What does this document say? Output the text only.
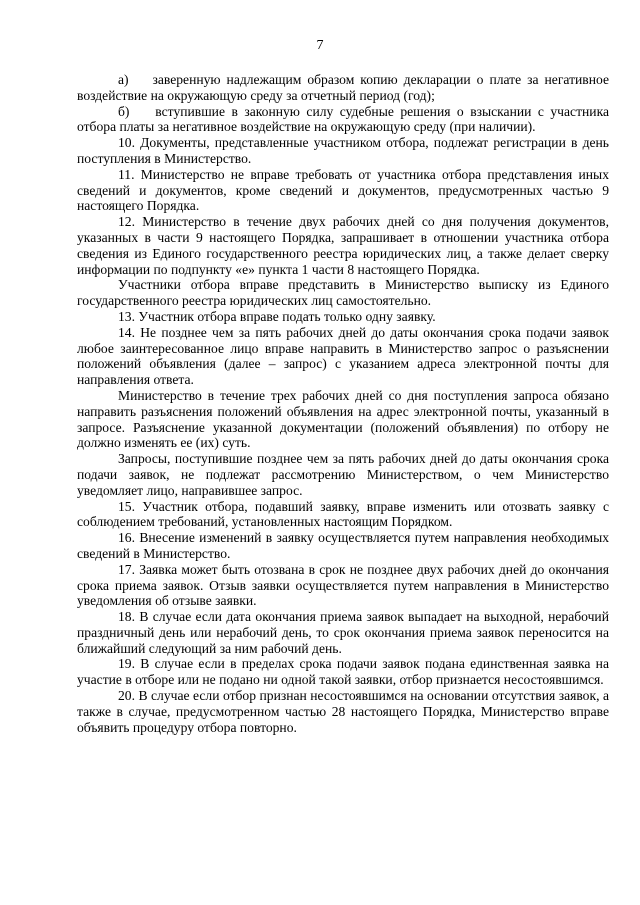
7

а)    заверенную надлежащим образом копию декларации о плате за негативное воздействие на окружающую среду за отчетный период (год);

б)    вступившие в законную силу судебные решения о взыскании с участника отбора платы за негативное воздействие на окружающую среду (при наличии).

10. Документы, представленные участником отбора, подлежат регистрации в день поступления в Министерство.

11. Министерство не вправе требовать от участника отбора представления иных сведений и документов, кроме сведений и документов, предусмотренных частью 9 настоящего Порядка.

12. Министерство в течение двух рабочих дней со дня получения документов, указанных в части 9 настоящего Порядка, запрашивает в отношении участника отбора сведения из Единого государственного реестра юридических лиц, а также делает сверку информации по подпункту «е» пункта 1 части 8 настоящего Порядка.

Участники отбора вправе представить в Министерство выписку из Единого государственного реестра юридических лиц самостоятельно.

13. Участник отбора вправе подать только одну заявку.

14. Не позднее чем за пять рабочих дней до даты окончания срока подачи заявок любое заинтересованное лицо вправе направить в Министерство запрос о разъяснении положений объявления (далее – запрос) с указанием адреса электронной почты для направления ответа.

Министерство в течение трех рабочих дней со дня поступления запроса обязано направить разъяснения положений объявления на адрес электронной почты, указанный в запросе. Разъяснение указанной документации (положений объявления) по отбору не должно изменять ее (их) суть.

Запросы, поступившие позднее чем за пять рабочих дней до даты окончания срока подачи заявок, не подлежат рассмотрению Министерством, о чем Министерство уведомляет лицо, направившее запрос.

15. Участник отбора, подавший заявку, вправе изменить или отозвать заявку с соблюдением требований, установленных настоящим Порядком.

16. Внесение изменений в заявку осуществляется путем направления необходимых сведений в Министерство.

17. Заявка может быть отозвана в срок не позднее двух рабочих дней до окончания срока приема заявок. Отзыв заявки осуществляется путем направления в Министерство уведомления об отзыве заявки.

18. В случае если дата окончания приема заявок выпадает на выходной, нерабочий праздничный день или нерабочий день, то срок окончания приема заявок переносится на ближайший следующий за ним рабочий день.

19. В случае если в пределах срока подачи заявок подана единственная заявка на участие в отборе или не подано ни одной такой заявки, отбор признается несостоявшимся.

20. В случае если отбор признан несостоявшимся на основании отсутствия заявок, а также в случае, предусмотренном частью 28 настоящего Порядка, Министерство вправе объявить процедуру отбора повторно.
